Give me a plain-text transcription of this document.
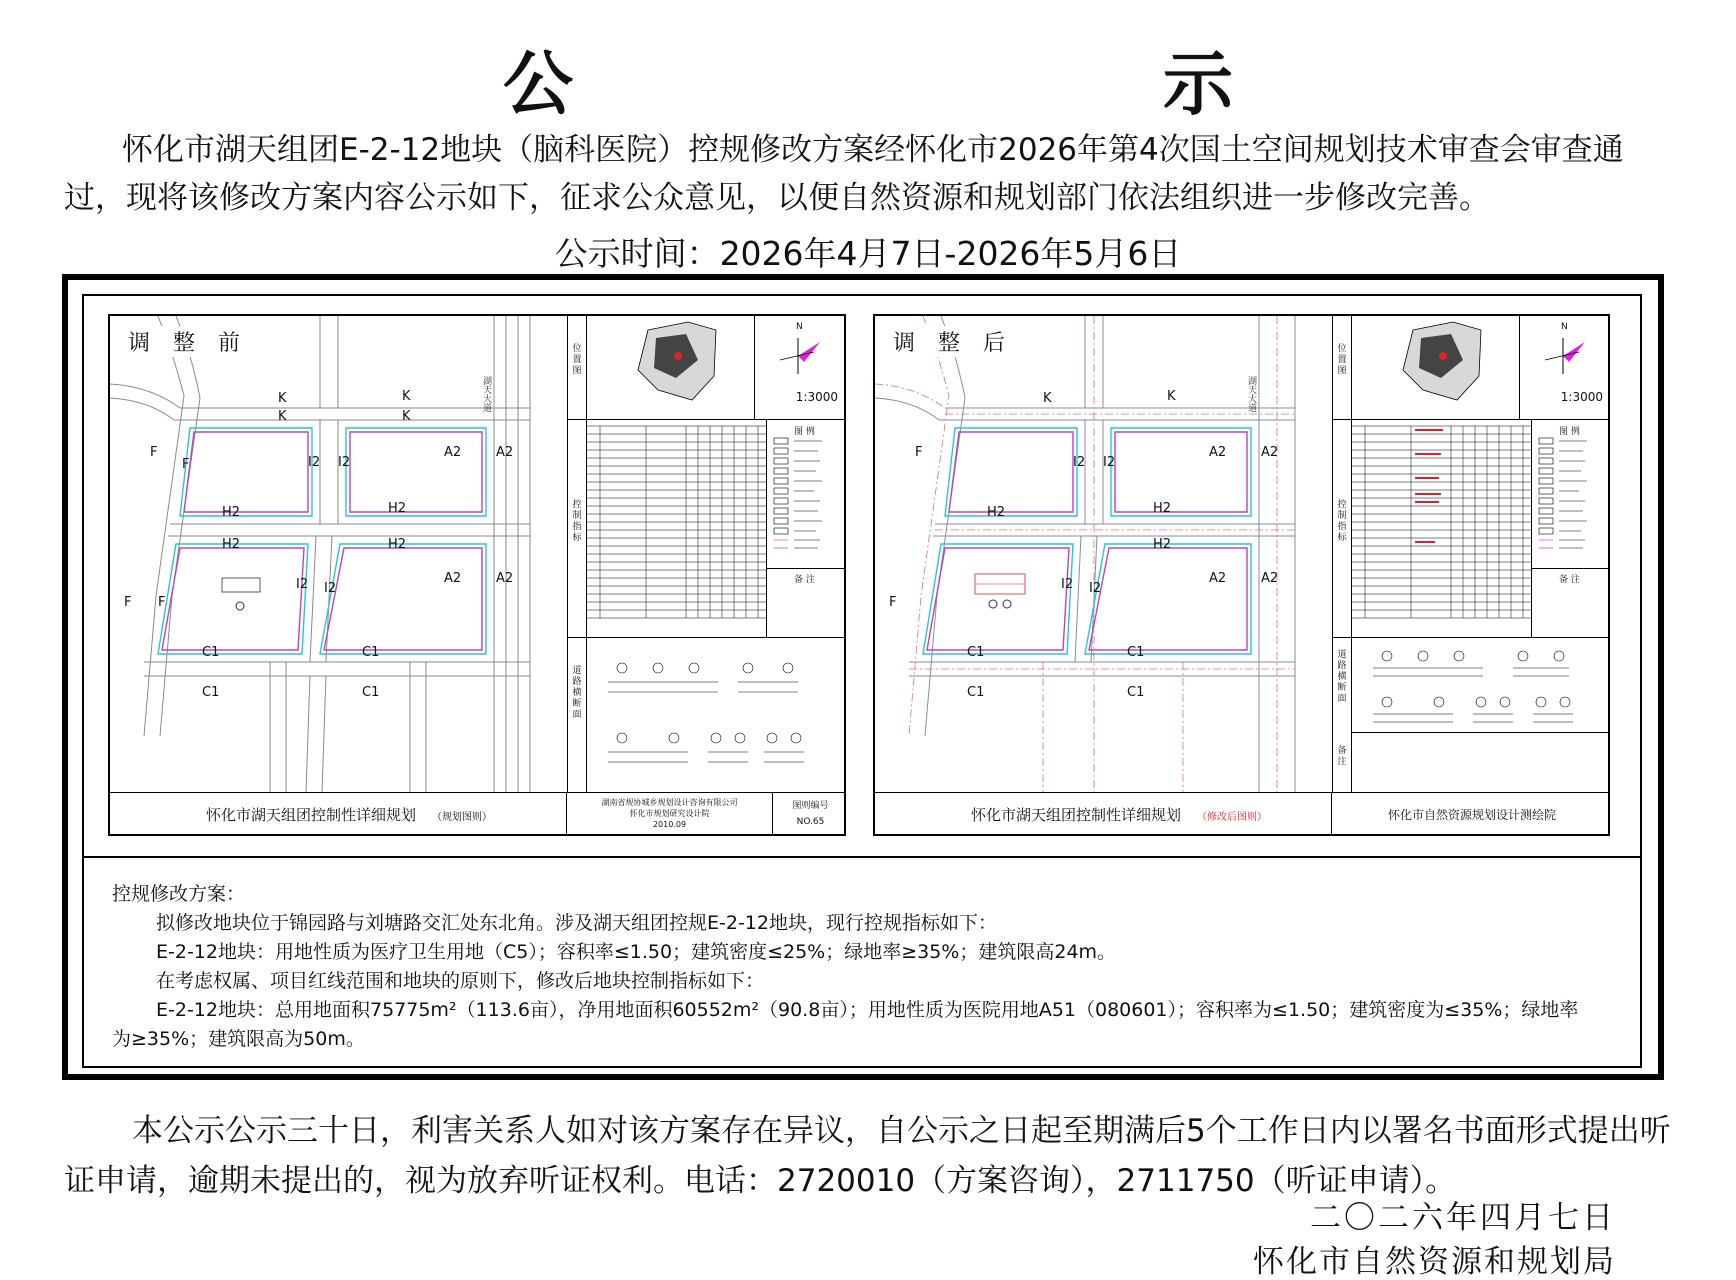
公　　示
怀化市湖天组团E-2-12地块（脑科医院）控规修改方案经怀化市2026年第4次国土空间规划技术审查会审查通过，现将该修改方案内容公示如下，征求公众意见，以便自然资源和规划部门依法组织进一步修改完善。
公示时间：2026年4月7日-2026年5月6日
K	K
K	K
F
F
A2	A2
I2 I2
H2
H2
H2
H2
A2	A2
I2 I2
F F
C1	C1
C1	C1
湖天大道
调 整 前	位置图
N
1:3000
控制指标
图 例
备 注
道路横断面
怀化市湖天组团控制性详细规划 （规划图则）
湖南省规协城乡规划设计咨询有限公司
怀化市规划研究设计院
2010.09
图则编号
NO.65
K	K
F	A2	A2
I2 I2
H2	H2
H2
A2	A2
I2 I2
F
C1	C1
C1	C1
湖天大道
调 整 后	位置图
N
1:3000
控制指标
图 例
备 注
道路横断面
备注
怀化市湖天组团控制性详细规划 （修改后图则）	怀化市自然资源规划设计测绘院
控规修改方案：
拟修改地块位于锦园路与刘塘路交汇处东北角。涉及湖天组团控规E-2-12地块，现行控规指标如下：
E-2-12地块：用地性质为医疗卫生用地（C5）；容积率≤1.50；建筑密度≤25%；绿地率≥35%；建筑限高24m。
在考虑权属、项目红线范围和地块的原则下，修改后地块控制指标如下：
E-2-12地块：总用地面积75775m²（113.6亩），净用地面积60552m²（90.8亩）；用地性质为医院用地A51（080601）；容积率为≤1.50；建筑密度为≤35%；绿地率
为≥35%；建筑限高为50m。
本公示公示三十日，利害关系人如对该方案存在异议，自公示之日起至期满后5个工作日内以署名书面形式提出听证申请，逾期未提出的，视为放弃听证权利。电话：2720010（方案咨询），2711750（听证申请）。
二〇二六年四月七日
怀化市自然资源和规划局
